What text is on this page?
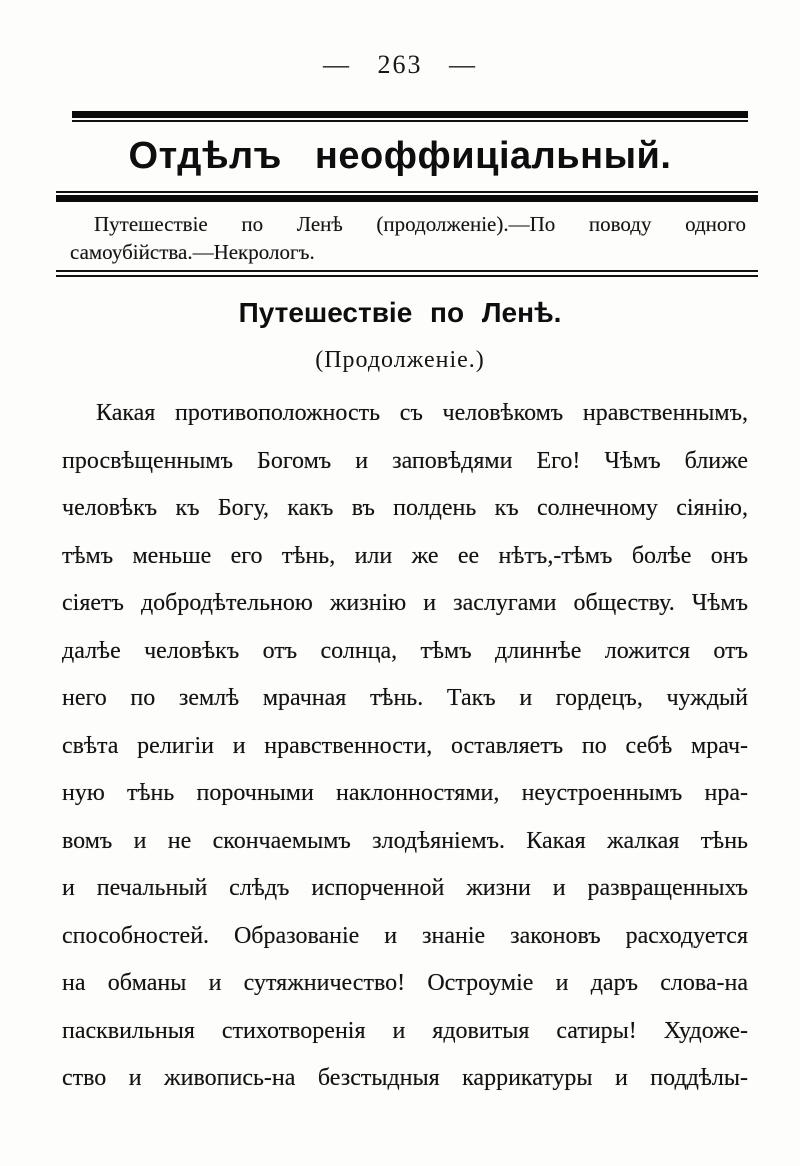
— 263 —
Отдѣлъ неоффиціальный.
Путешествіе по Ленѣ (продолженіе).—По поводу одного
самоубійства.—Некрологъ.
Путешествіе по Ленѣ.
(Продолженіе.)
Какая противоположность съ человѣкомъ нравственнымъ,
просвѣщеннымъ Богомъ и заповѣдями Его! Чѣмъ ближе
человѣкъ къ Богу, какъ въ полдень къ солнечному сіянію,
тѣмъ меньше его тѣнь, или же ее нѣтъ,-тѣмъ болѣе онъ
сіяетъ добродѣтельною жизнію и заслугами обществу. Чѣмъ
далѣе человѣкъ отъ солнца, тѣмъ длиннѣе ложится отъ
него по землѣ мрачная тѣнь. Такъ и гордецъ, чуждый
свѣта религіи и нравственности, оставляетъ по себѣ мрач-
ную тѣнь порочными наклонностями, неустроеннымъ нра-
вомъ и не скончаемымъ злодѣяніемъ. Какая жалкая тѣнь
и печальный слѣдъ испорченной жизни и развращенныхъ
способностей. Образованіе и знаніе законовъ расходуется
на обманы и сутяжничество! Остроуміе и даръ слова-на
пасквильныя стихотворенія и ядовитыя сатиры! Художе-
ство и живопись-на безстыдныя каррикатуры и поддѣлы-
